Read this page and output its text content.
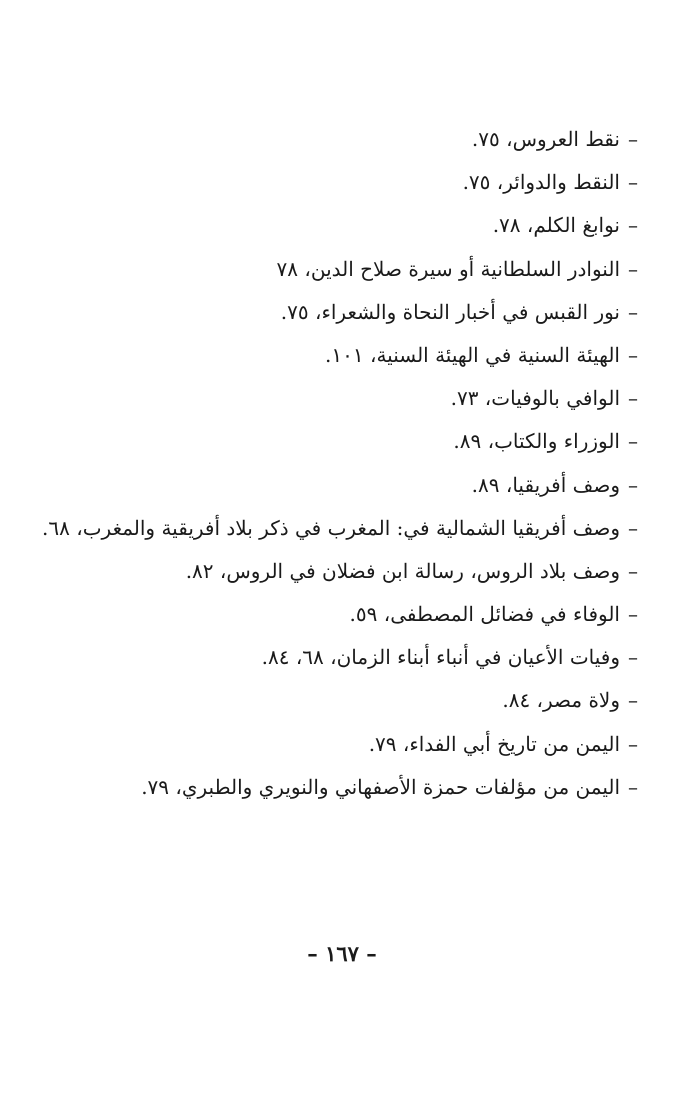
–نقط العروس، ٧٥.
–النقط والدوائر، ٧٥.
–نوابغ الكلم، ٧٨.
–النوادر السلطانية أو سيرة صلاح الدين، ٧٨
–نور القبس في أخبار النحاة والشعراء، ٧٥.
–الهيئة السنية في الهيئة السنية، ١٠١.
–الوافي بالوفيات، ٧٣.
–الوزراء والكتاب، ٨٩.
–وصف أفريقيا، ٨٩.
–وصف أفريقيا الشمالية في: المغرب في ذكر بلاد أفريقية والمغرب، ٦٨.
–وصف بلاد الروس، رسالة ابن فضلان في الروس، ٨٢.
–الوفاء في فضائل المصطفى، ٥٩.
–وفيات الأعيان في أنباء أبناء الزمان، ٦٨، ٨٤.
–ولاة مصر، ٨٤.
–اليمن من تاريخ أبي الفداء، ٧٩.
–اليمن من مؤلفات حمزة الأصفهاني والنويري والطبري، ٧٩.
– ١٦٧ –
